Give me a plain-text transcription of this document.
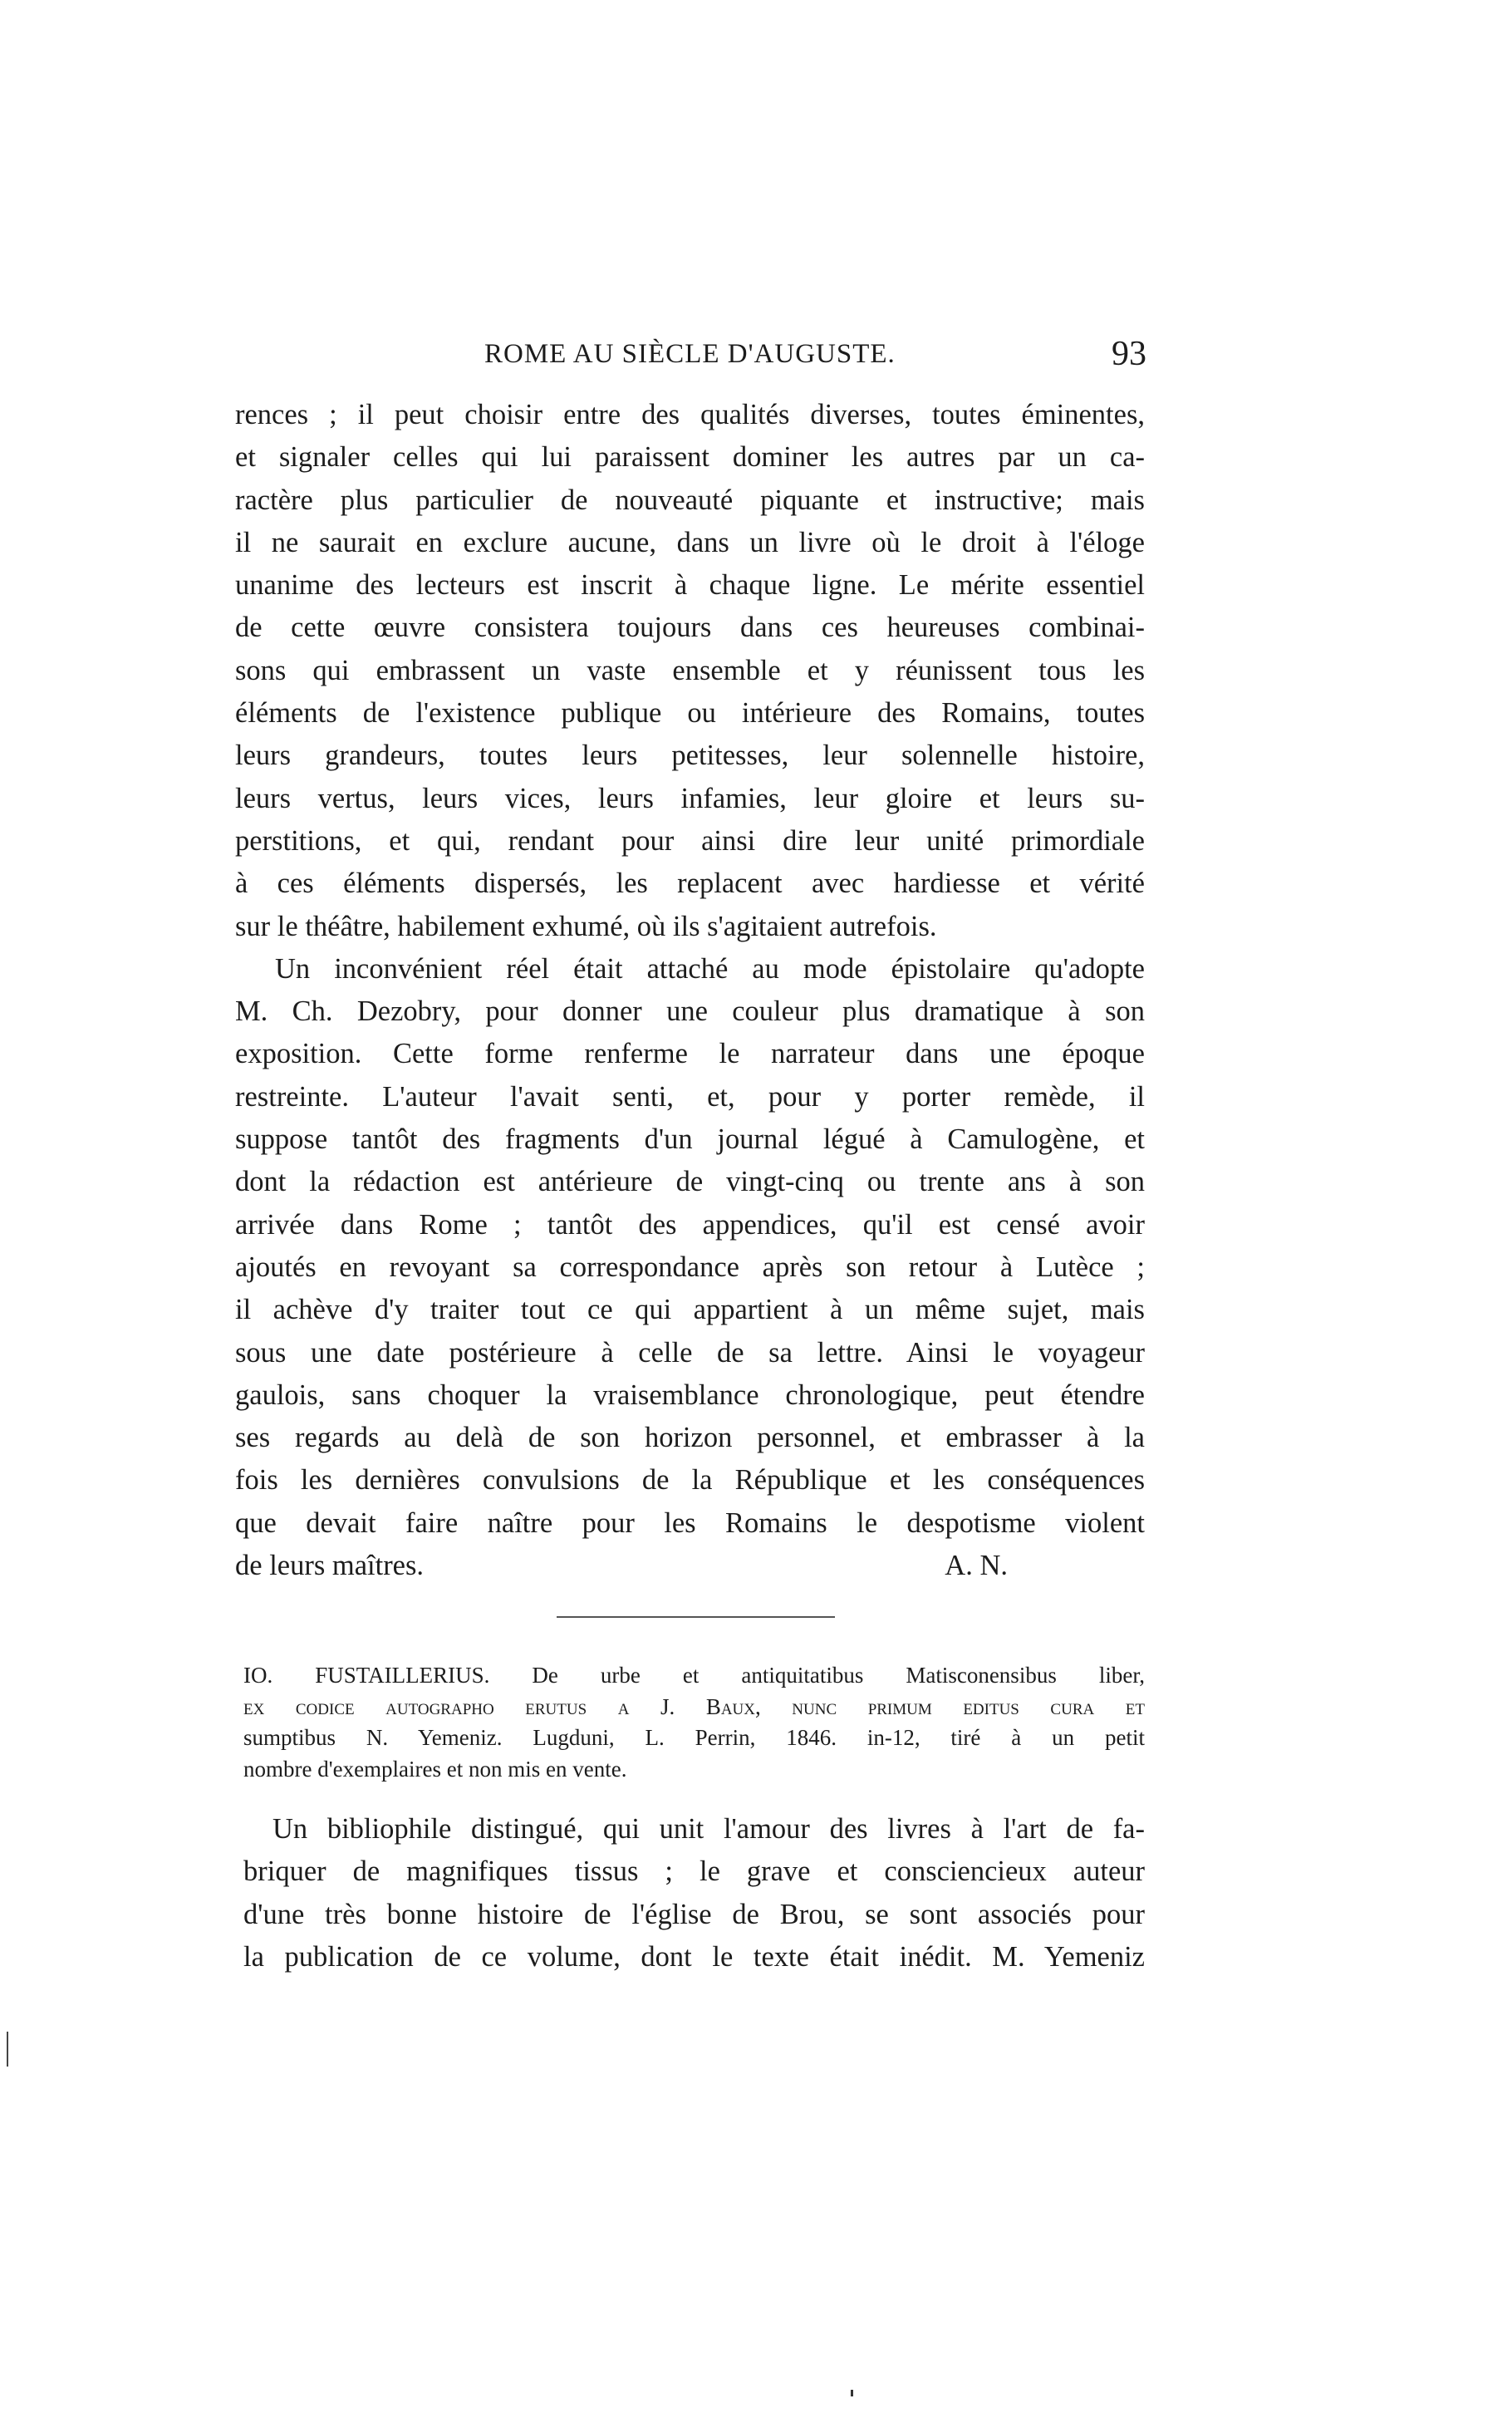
ROME AU SIÈCLE D'AUGUSTE.	93
rences ; il peut choisir entre des qualités diverses, toutes éminentes,
et signaler celles qui lui paraissent dominer les autres par un ca-
ractère plus particulier de nouveauté piquante et instructive; mais
il ne saurait en exclure aucune, dans un livre où le droit à l'éloge
unanime des lecteurs est inscrit à chaque ligne. Le mérite essentiel
de cette œuvre consistera toujours dans ces heureuses combinai-
sons qui embrassent un vaste ensemble et y réunissent tous les
éléments de l'existence publique ou intérieure des Romains, toutes
leurs grandeurs, toutes leurs petitesses, leur solennelle histoire,
leurs vertus, leurs vices, leurs infamies, leur gloire et leurs su-
perstitions, et qui, rendant pour ainsi dire leur unité primordiale
à ces éléments dispersés, les replacent avec hardiesse et vérité
sur le théâtre, habilement exhumé, où ils s'agitaient autrefois.
Un inconvénient réel était attaché au mode épistolaire qu'adopte
M. Ch. Dezobry, pour donner une couleur plus dramatique à son
exposition. Cette forme renferme le narrateur dans une époque
restreinte. L'auteur l'avait senti, et, pour y porter remède, il
suppose tantôt des fragments d'un journal légué à Camulogène, et
dont la rédaction est antérieure de vingt-cinq ou trente ans à son
arrivée dans Rome ; tantôt des appendices, qu'il est censé avoir
ajoutés en revoyant sa correspondance après son retour à Lutèce ;
il achève d'y traiter tout ce qui appartient à un même sujet, mais
sous une date postérieure à celle de sa lettre. Ainsi le voyageur
gaulois, sans choquer la vraisemblance chronologique, peut étendre
ses regards au delà de son horizon personnel, et embrasser à la
fois les dernières convulsions de la République et les conséquences
que devait faire naître pour les Romains le despotisme violent
de leurs maîtres.	A. N.
IO. FUSTAILLERIUS. De urbe et antiquitatibus Matisconensibus liber,
ex codice autographo erutus a J. Baux, nunc primum editus cura et
sumptibus N. Yemeniz. Lugduni, L. Perrin, 1846. in-12, tiré à un petit
nombre d'exemplaires et non mis en vente.
Un bibliophile distingué, qui unit l'amour des livres à l'art de fa-
briquer de magnifiques tissus ; le grave et consciencieux auteur
d'une très bonne histoire de l'église de Brou, se sont associés pour
la publication de ce volume, dont le texte était inédit. M. Yemeniz
